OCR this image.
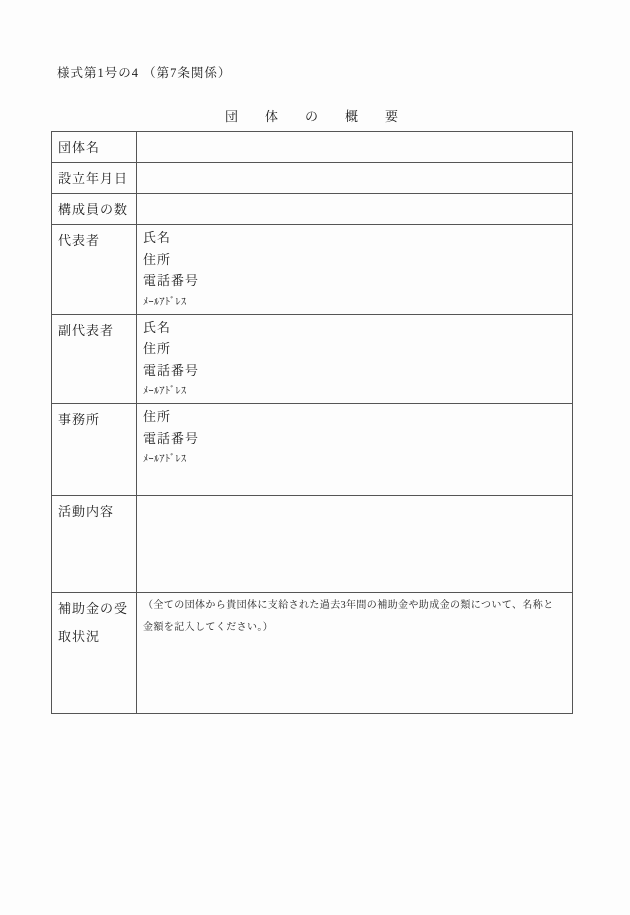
様式第1号の4 （第7条関係）
団　体　の　概　要
団体名	
設立年月日	
構成員の数	
代表者	氏名
住所
電話番号
ﾒｰﾙｱﾄﾞﾚｽ

副代表者	氏名
住所
電話番号
ﾒｰﾙｱﾄﾞﾚｽ

事務所	住所
電話番号
ﾒｰﾙｱﾄﾞﾚｽ

活動内容	
補助金の受取状況	（全ての団体から貴団体に支給された過去3年間の補助金や助成金の類について、名称と
金額を記入してください。）
